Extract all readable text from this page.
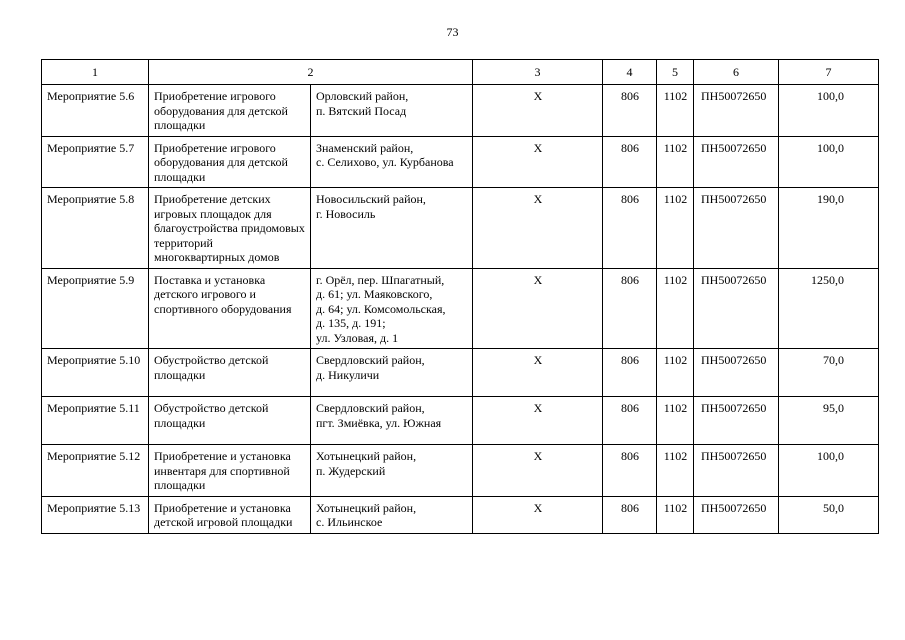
73
1	2		3	4	5	6	7
Мероприятие 5.6	Приобретение игрового оборудования для детской площадки	Орловский район,
п. Вятский Посад	Х	806	1102	ПН50072650	100,0
Мероприятие 5.7	Приобретение игрового оборудования для детской площадки	Знаменский район,
с. Селихово, ул. Курбанова	Х	806	1102	ПН50072650	100,0
Мероприятие 5.8	Приобретение детских игровых площадок для благоустройства придомовых территорий многоквартирных домов	Новосильский район,
г. Новосиль	Х	806	1102	ПН50072650	190,0
Мероприятие 5.9	Поставка и установка детского игрового и спортивного оборудования	г. Орёл, пер. Шпагатный,
д. 61; ул. Маяковского,
д. 64; ул. Комсомольская,
д. 135, д. 191;
ул. Узловая, д. 1	Х	806	1102	ПН50072650	1250,0
Мероприятие 5.10	Обустройство детской площадки	Свердловский район,
д. Никуличи	Х	806	1102	ПН50072650	70,0
Мероприятие 5.11	Обустройство детской площадки	Свердловский район,
пгт. Змиёвка, ул. Южная	Х	806	1102	ПН50072650	95,0
Мероприятие 5.12	Приобретение и установка инвентаря для спортивной площадки	Хотынецкий район,
п. Жудерский	Х	806	1102	ПН50072650	100,0
Мероприятие 5.13	Приобретение и установка детской игровой площадки	Хотынецкий район,
с. Ильинское	Х	806	1102	ПН50072650	50,0
